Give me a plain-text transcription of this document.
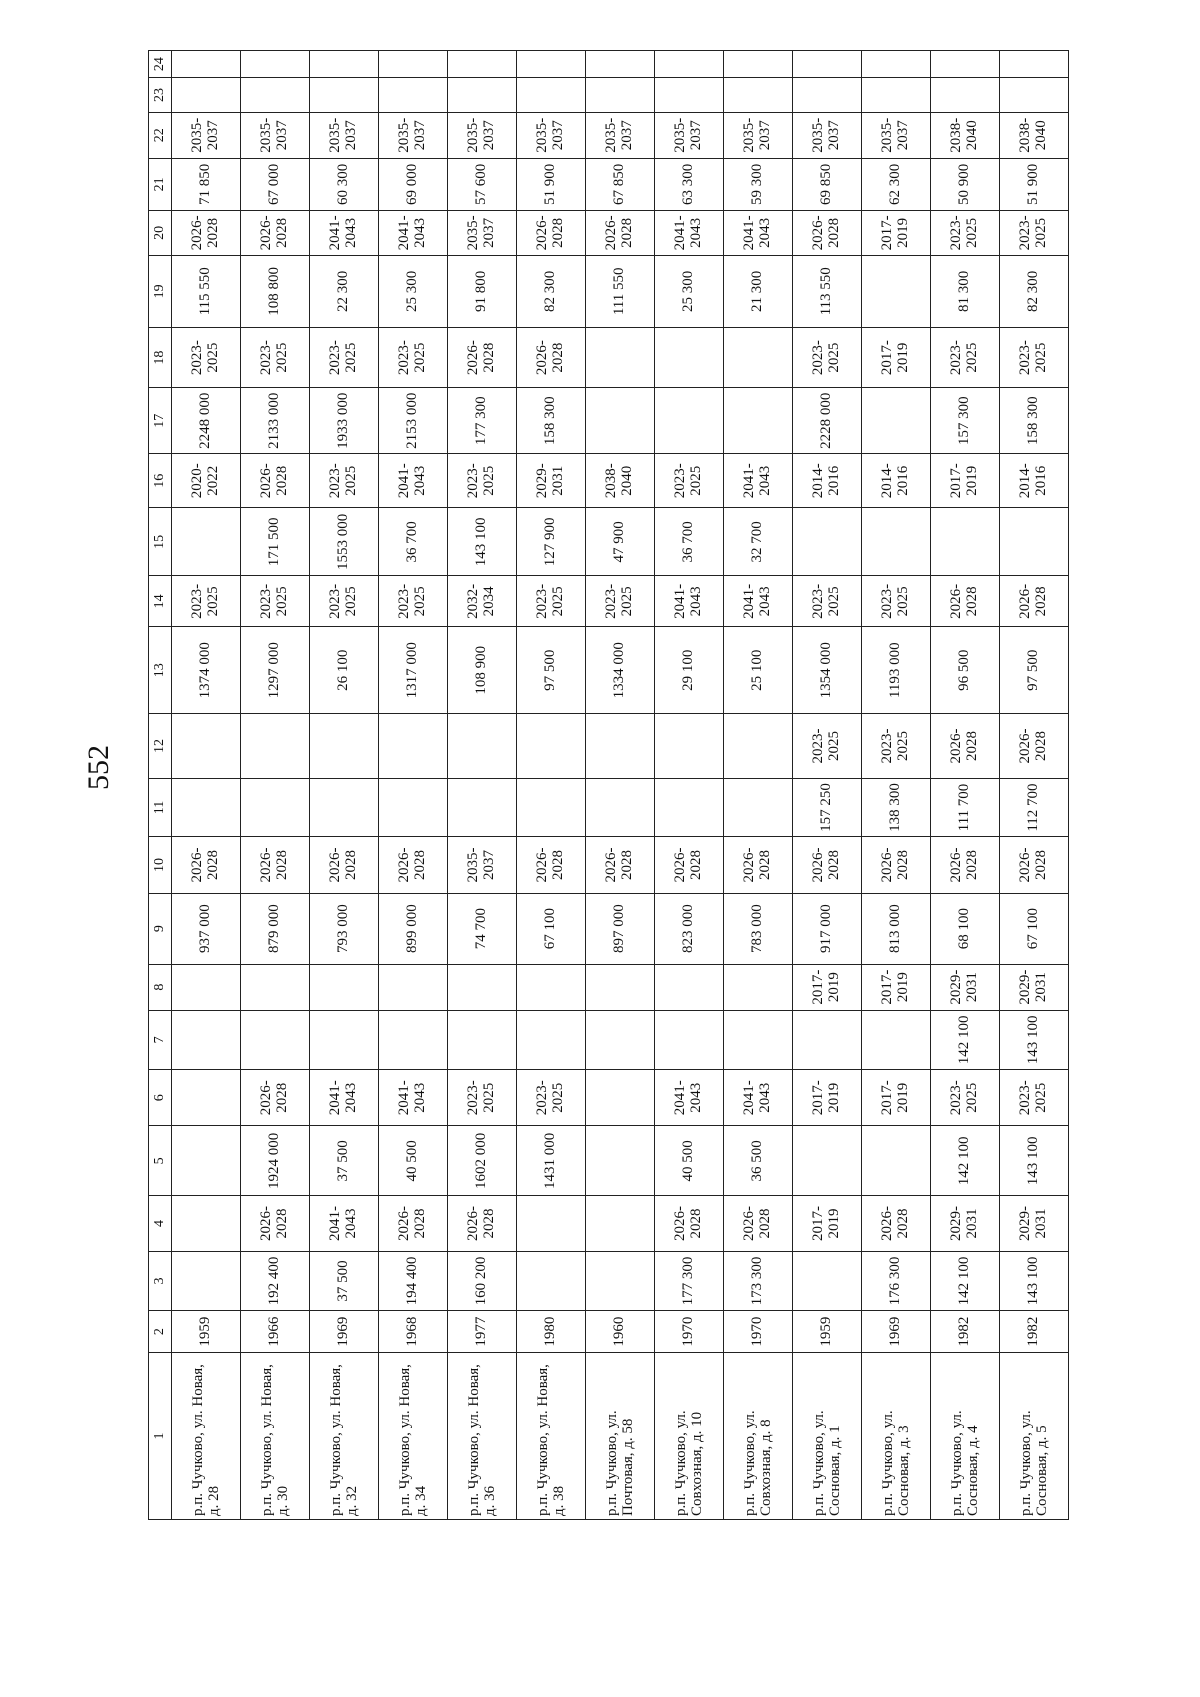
552
1	2	3	4	5	6	7	8	9	10	11	12	13	14	15	16	17	18	19	20	21	22	23	24
р.п. Чучково, ул. Новая, д. 28	1959							937 000	2026-2028			1374 000	2023-2025		2020-2022	2248 000	2023-2025	115 550	2026-2028	71 850	2035-2037		
р.п. Чучково, ул. Новая, д. 30	1966	192 400	2026-2028	1924 000	2026-2028			879 000	2026-2028			1297 000	2023-2025	171 500	2026-2028	2133 000	2023-2025	108 800	2026-2028	67 000	2035-2037		
р.п. Чучково, ул. Новая, д. 32	1969	37 500	2041-2043	37 500	2041-2043			793 000	2026-2028			26 100	2023-2025	1553 000	2023-2025	1933 000	2023-2025	22 300	2041-2043	60 300	2035-2037		
р.п. Чучково, ул. Новая, д. 34	1968	194 400	2026-2028	40 500	2041-2043			899 000	2026-2028			1317 000	2023-2025	36 700	2041-2043	2153 000	2023-2025	25 300	2041-2043	69 000	2035-2037		
р.п. Чучково, ул. Новая, д. 36	1977	160 200	2026-2028	1602 000	2023-2025			74 700	2035-2037			108 900	2032-2034	143 100	2023-2025	177 300	2026-2028	91 800	2035-2037	57 600	2035-2037		
р.п. Чучково, ул. Новая, д. 38	1980			1431 000	2023-2025			67 100	2026-2028			97 500	2023-2025	127 900	2029-2031	158 300	2026-2028	82 300	2026-2028	51 900	2035-2037		
р.п. Чучково, ул. Почтовая, д. 58	1960							897 000	2026-2028			1334 000	2023-2025	47 900	2038-2040			111 550	2026-2028	67 850	2035-2037		
р.п. Чучково, ул. Совхозная, д. 10	1970	177 300	2026-2028	40 500	2041-2043			823 000	2026-2028			29 100	2041-2043	36 700	2023-2025			25 300	2041-2043	63 300	2035-2037		
р.п. Чучково, ул. Совхозная, д. 8	1970	173 300	2026-2028	36 500	2041-2043			783 000	2026-2028			25 100	2041-2043	32 700	2041-2043			21 300	2041-2043	59 300	2035-2037		
р.п. Чучково, ул. Сосновая, д. 1	1959		2017-2019		2017-2019		2017-2019	917 000	2026-2028	157 250	2023-2025	1354 000	2023-2025		2014-2016	2228 000	2023-2025	113 550	2026-2028	69 850	2035-2037		
р.п. Чучково, ул. Сосновая, д. 3	1969	176 300	2026-2028		2017-2019		2017-2019	813 000	2026-2028	138 300	2023-2025	1193 000	2023-2025		2014-2016		2017-2019		2017-2019	62 300	2035-2037		
р.п. Чучково, ул. Сосновая, д. 4	1982	142 100	2029-2031	142 100	2023-2025	142 100	2029-2031	68 100	2026-2028	111 700	2026-2028	96 500	2026-2028		2017-2019	157 300	2023-2025	81 300	2023-2025	50 900	2038-2040		
р.п. Чучково, ул. Сосновая, д. 5	1982	143 100	2029-2031	143 100	2023-2025	143 100	2029-2031	67 100	2026-2028	112 700	2026-2028	97 500	2026-2028		2014-2016	158 300	2023-2025	82 300	2023-2025	51 900	2038-2040		
